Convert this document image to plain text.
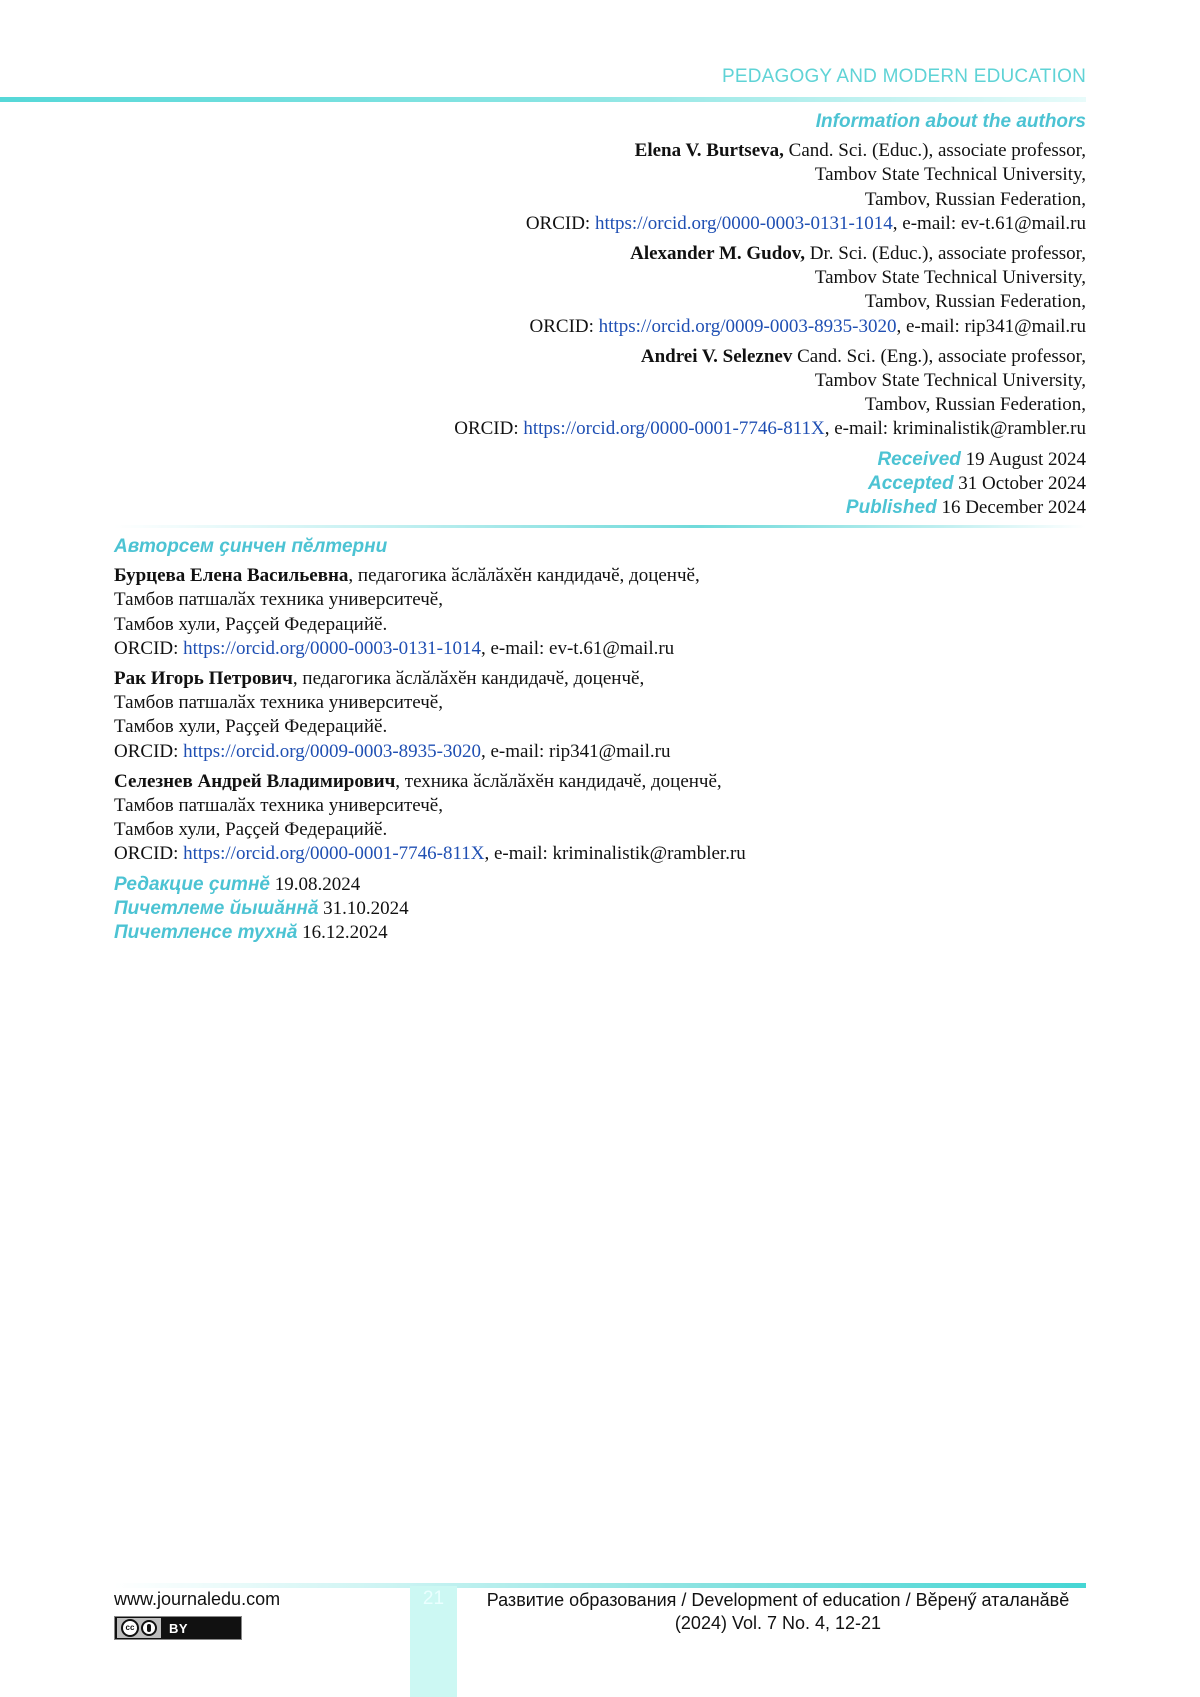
PEDAGOGY AND MODERN EDUCATION
Information about the authors
Elena V. Burtseva, Cand. Sci. (Educ.), associate professor,
Tambov State Technical University,
Tambov, Russian Federation,
ORCID: https://orcid.org/0000-0003-0131-1014, e-mail: ev-t.61@mail.ru
Alexander M. Gudov, Dr. Sci. (Educ.), associate professor,
Tambov State Technical University,
Tambov, Russian Federation,
ORCID: https://orcid.org/0009-0003-8935-3020, e-mail: rip341@mail.ru
Andrei V. Seleznev Cand. Sci. (Eng.), associate professor,
Tambov State Technical University,
Tambov, Russian Federation,
ORCID: https://orcid.org/0000-0001-7746-811X, e-mail: kriminalistik@rambler.ru
Received 19 August 2024
Accepted 31 October 2024
Published 16 December 2024
Авторсем ҫинчен пӗлтерни
Бурцева Елена Васильевна, педагогика ӑслӑлӑхӗн кандидачӗ, доценчӗ,
Тамбов патшалӑх техника университечӗ,
Тамбов хули, Раҫҫей Федерацийӗ.
ORCID: https://orcid.org/0000-0003-0131-1014, e-mail: ev-t.61@mail.ru
Рак Игорь Петрович, педагогика ӑслӑлӑхӗн кандидачӗ, доценчӗ,
Тамбов патшалӑх техника университечӗ,
Тамбов хули, Раҫҫей Федерацийӗ.
ORCID: https://orcid.org/0009-0003-8935-3020, e-mail: rip341@mail.ru
Селезнев Андрей Владимирович, техника ӑслӑлӑхӗн кандидачӗ, доценчӗ,
Тамбов патшалӑх техника университечӗ,
Тамбов хули, Раҫҫей Федерацийӗ.
ORCID: https://orcid.org/0000-0001-7746-811X, e-mail: kriminalistik@rambler.ru
Редакцие ҫитнӗ 19.08.2024
Пичетлеме йышӑннӑ 31.10.2024
Пичетленсе тухнӑ 16.12.2024
21
www.journaledu.com
cc	BY
Развитие образования / Development of education / Вӗренӳ аталанӑвӗ
(2024) Vol. 7 No. 4, 12-21
